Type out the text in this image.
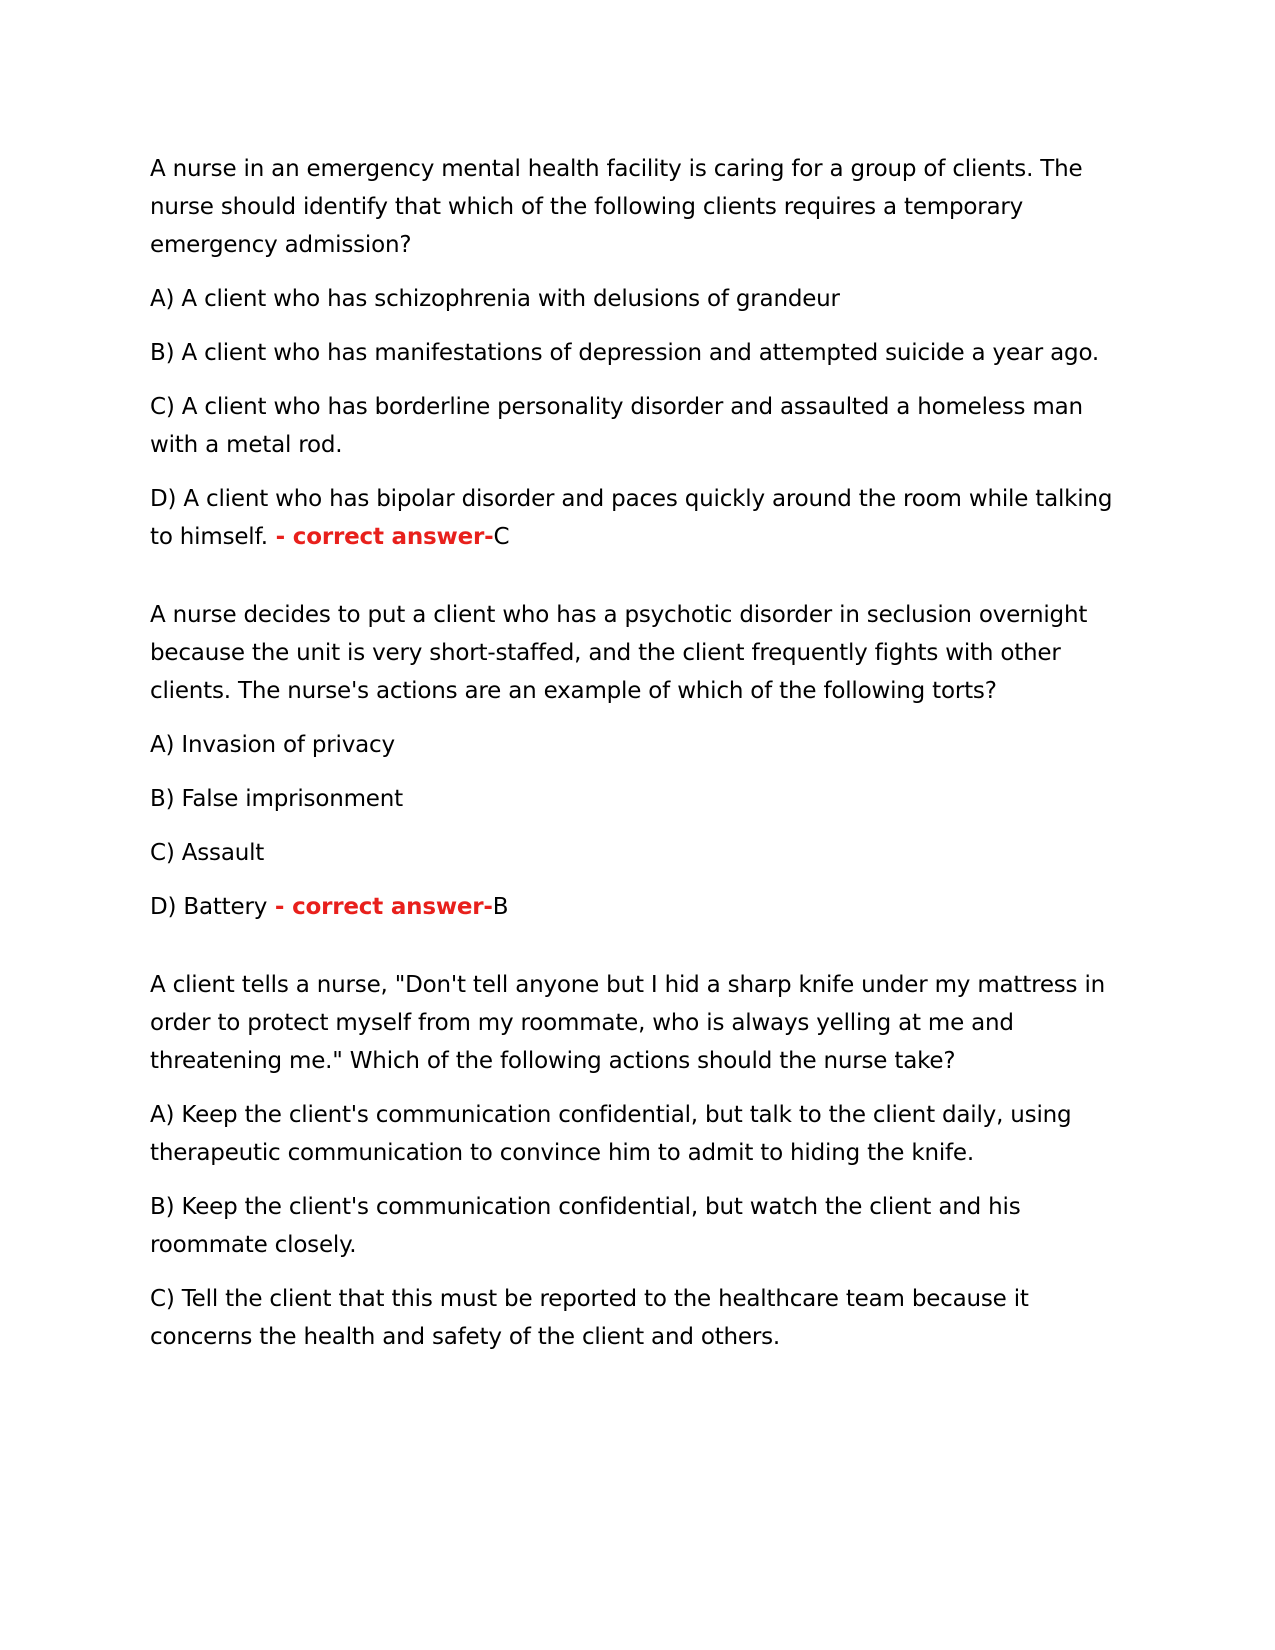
A nurse in an emergency mental health facility is caring for a group of clients. The nurse should identify that which of the following clients requires a temporary emergency admission?

A) A client who has schizophrenia with delusions of grandeur

B) A client who has manifestations of depression and attempted suicide a year ago.

C) A client who has borderline personality disorder and assaulted a homeless man with a metal rod.

D) A client who has bipolar disorder and paces quickly around the room while talking to himself. - correct answer-C

A nurse decides to put a client who has a psychotic disorder in seclusion overnight because the unit is very short-staffed, and the client frequently fights with other clients. The nurse's actions are an example of which of the following torts?

A) Invasion of privacy

B) False imprisonment

C) Assault

D) Battery - correct answer-B

A client tells a nurse, "Don't tell anyone but I hid a sharp knife under my mattress in order to protect myself from my roommate, who is always yelling at me and threatening me." Which of the following actions should the nurse take?

A) Keep the client's communication confidential, but talk to the client daily, using therapeutic communication to convince him to admit to hiding the knife.

B) Keep the client's communication confidential, but watch the client and his roommate closely.

C) Tell the client that this must be reported to the healthcare team because it concerns the health and safety of the client and others.
